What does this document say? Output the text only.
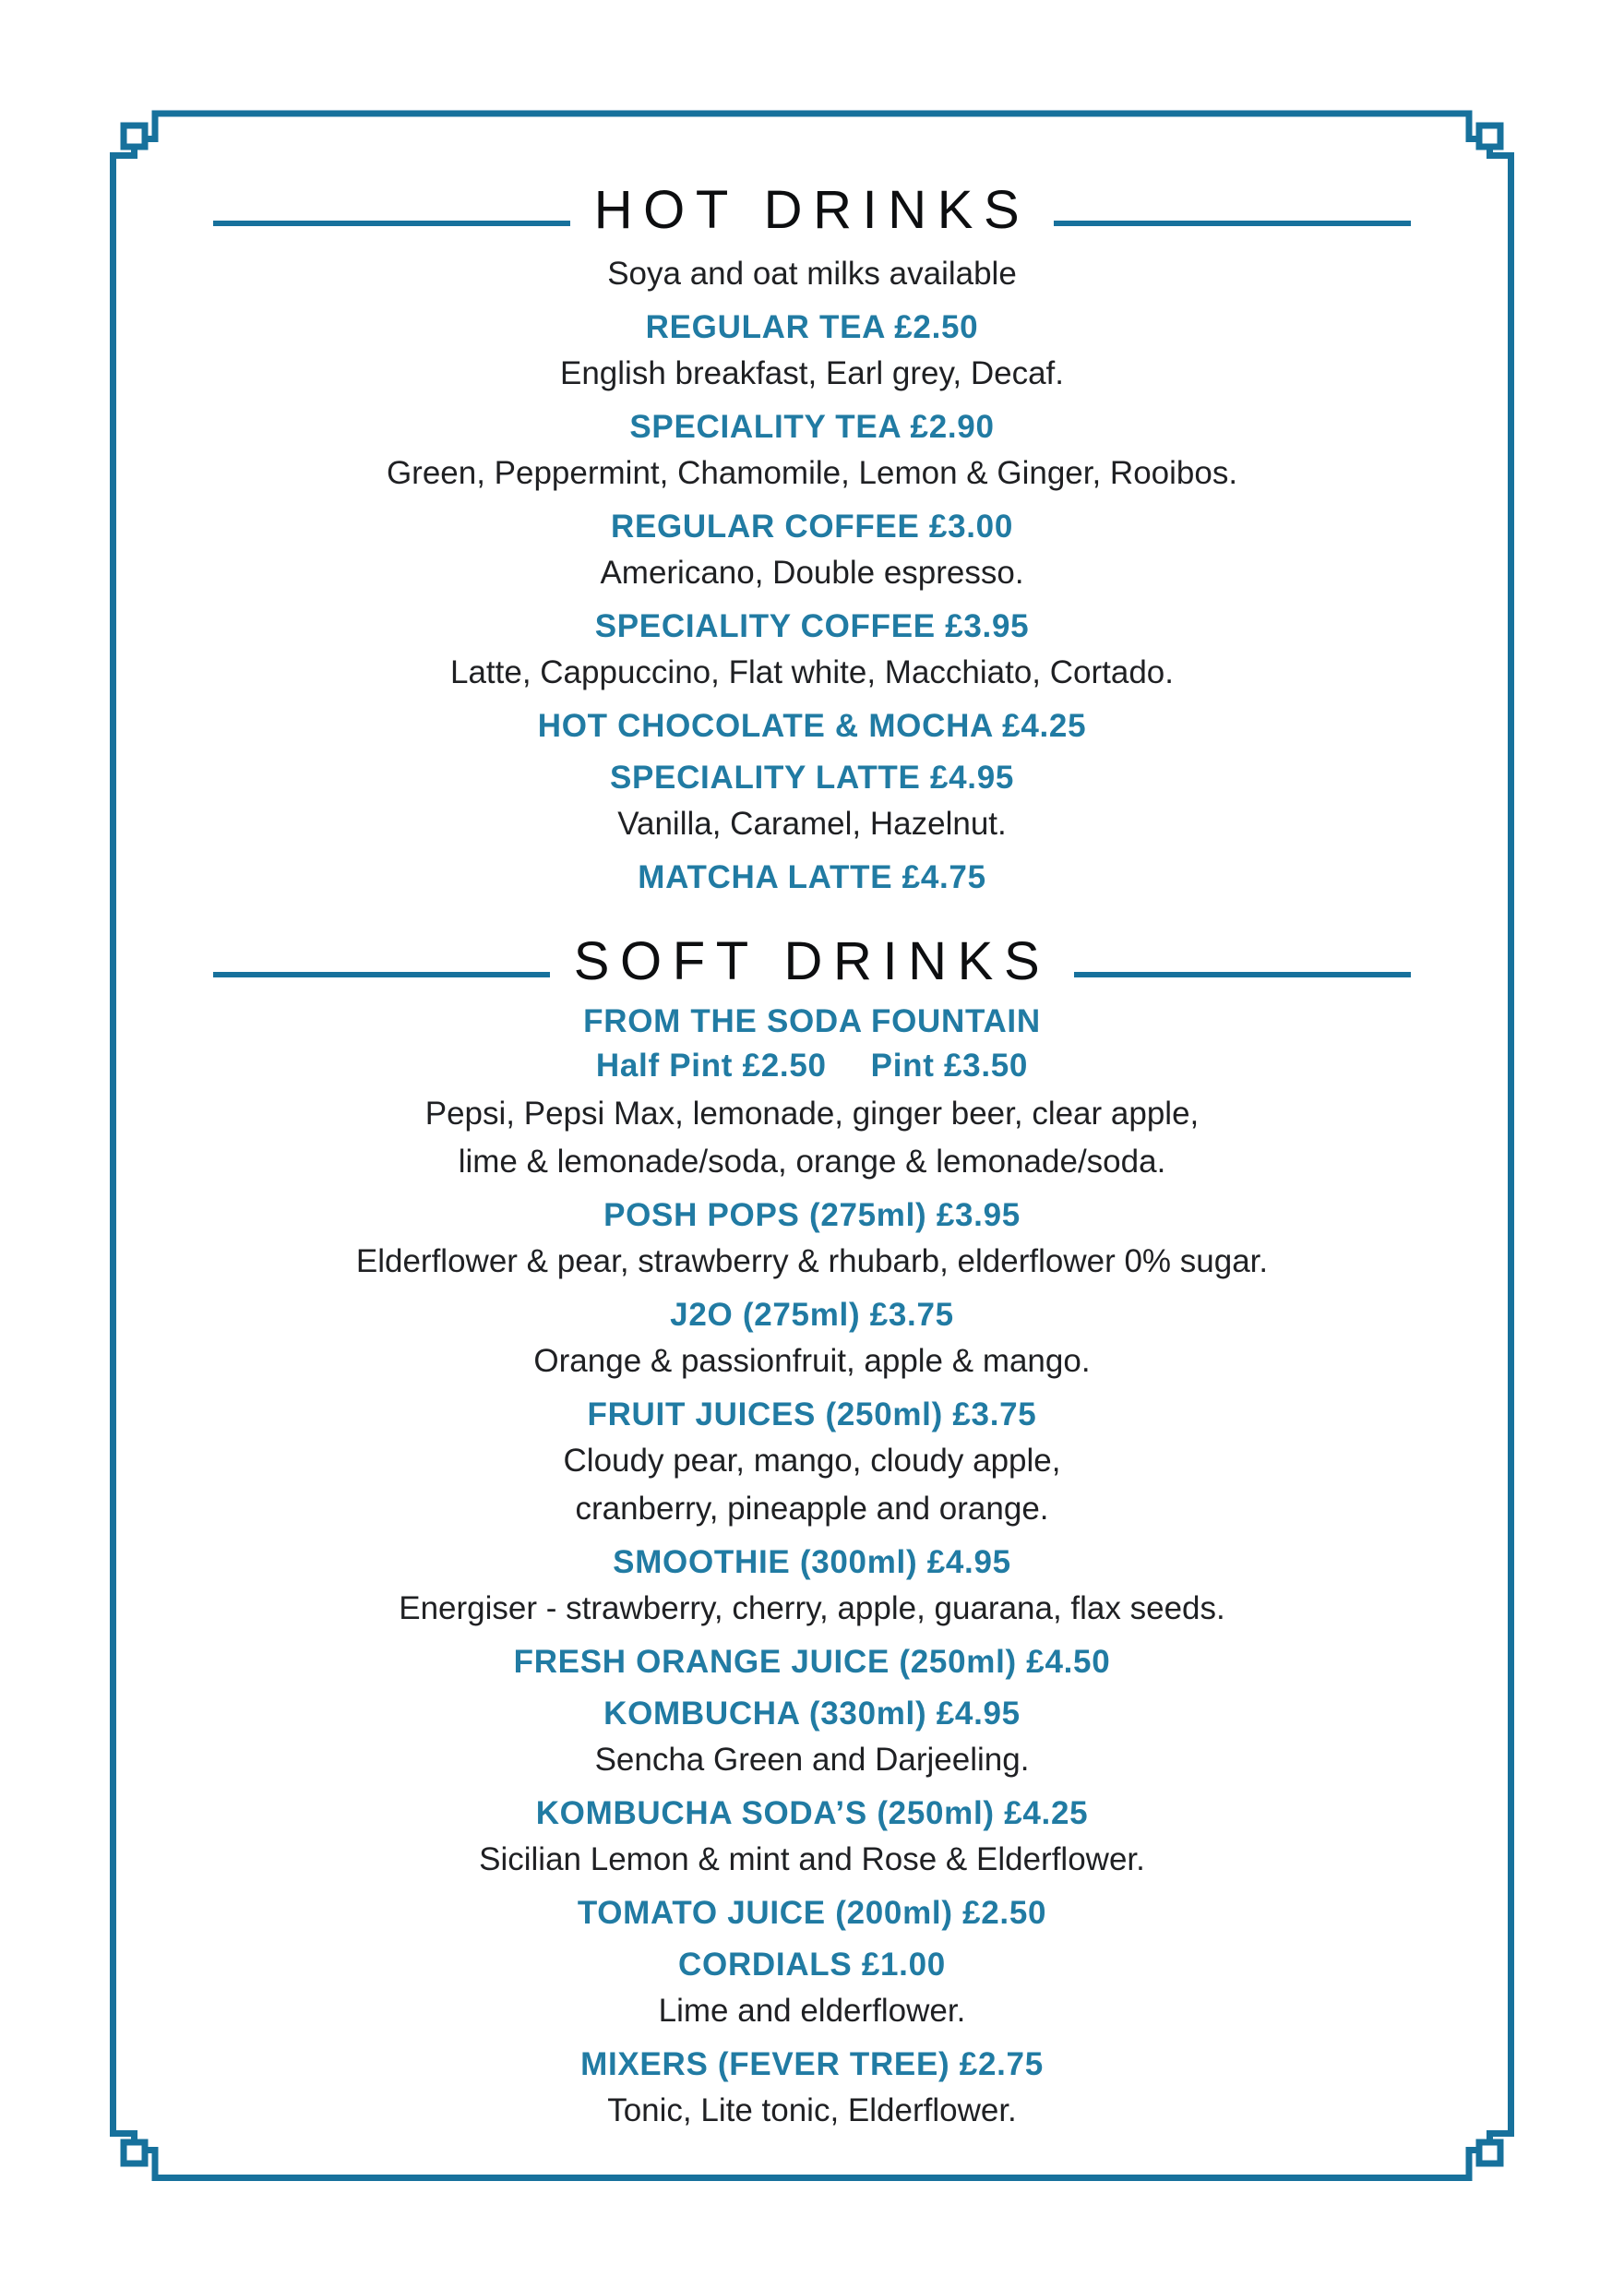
HOT DRINKS

Soya and oat milks available

REGULAR TEA £2.50

English breakfast, Earl grey, Decaf.

SPECIALITY TEA £2.90

Green, Peppermint, Chamomile, Lemon & Ginger, Rooibos.

REGULAR COFFEE £3.00

Americano, Double espresso.

SPECIALITY COFFEE £3.95

Latte, Cappuccino, Flat white, Macchiato, Cortado.

HOT CHOCOLATE & MOCHA £4.25

SPECIALITY LATTE £4.95

Vanilla, Caramel, Hazelnut.

MATCHA LATTE £4.75

SOFT DRINKS

FROM THE SODA FOUNTAIN

Half Pint £2.50 Pint £3.50

Pepsi, Pepsi Max, lemonade, ginger beer, clear apple,

lime & lemonade/soda, orange & lemonade/soda.

POSH POPS (275ml) £3.95

Elderflower & pear, strawberry & rhubarb, elderflower 0% sugar.

J2O (275ml) £3.75

Orange & passionfruit, apple & mango.

FRUIT JUICES (250ml) £3.75

Cloudy pear, mango, cloudy apple,

cranberry, pineapple and orange.

SMOOTHIE (300ml) £4.95

Energiser - strawberry, cherry, apple, guarana, flax seeds.

FRESH ORANGE JUICE (250ml) £4.50

KOMBUCHA (330ml) £4.95

Sencha Green and Darjeeling.

KOMBUCHA SODA’S (250ml) £4.25

Sicilian Lemon & mint and Rose & Elderflower.

TOMATO JUICE (200ml) £2.50

CORDIALS £1.00

Lime and elderflower.

MIXERS (FEVER TREE) £2.75

Tonic, Lite tonic, Elderflower.
